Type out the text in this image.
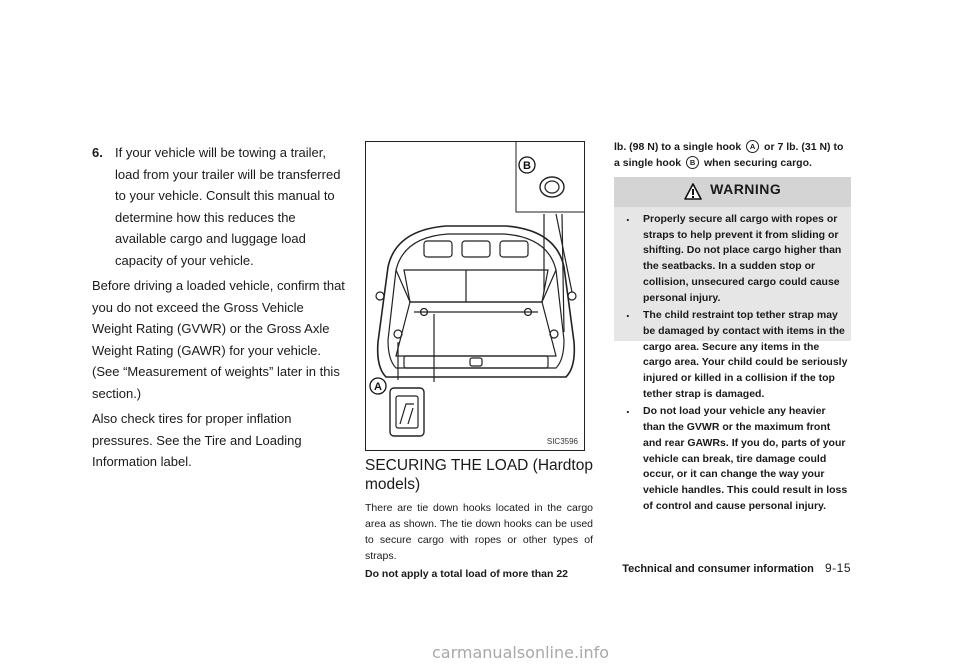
6. If your vehicle will be towing a trailer, load from your trailer will be transferred to your vehicle. Consult this manual to determine how this reduces the available cargo and luggage load capacity of your vehicle.

Before driving a loaded vehicle, confirm that you do not exceed the Gross Vehicle Weight Rating (GVWR) or the Gross Axle Weight Rating (GAWR) for your vehicle. (See “Measurement of weights” later in this section.)

Also check tires for proper inflation pressures. See the Tire and Loading Information label.

B
A
SIC3596
SECURING THE LOAD (Hardtop models)

There are tie down hooks located in the cargo area as shown. The tie down hooks can be used to secure cargo with ropes or other types of straps.

Do not apply a total load of more than 22

lb. (98 N) to a single hook A or 7 lb. (31 N) to a single hook B when securing cargo.

WARNING
. Properly secure all cargo with ropes or straps to help prevent it from sliding or shifting. Do not place cargo higher than the seatbacks. In a sudden stop or collision, unsecured cargo could cause personal injury.
. The child restraint top tether strap may be damaged by contact with items in the cargo area. Secure any items in the cargo area. Your child could be seriously injured or killed in a collision if the top tether strap is damaged.
. Do not load your vehicle any heavier than the GVWR or the maximum front and rear GAWRs. If you do, parts of your vehicle can break, tire damage could occur, or it can change the way your vehicle handles. This could result in loss of control and cause personal injury.
Technical and consumer information 9-15
carmanualsonline.info
